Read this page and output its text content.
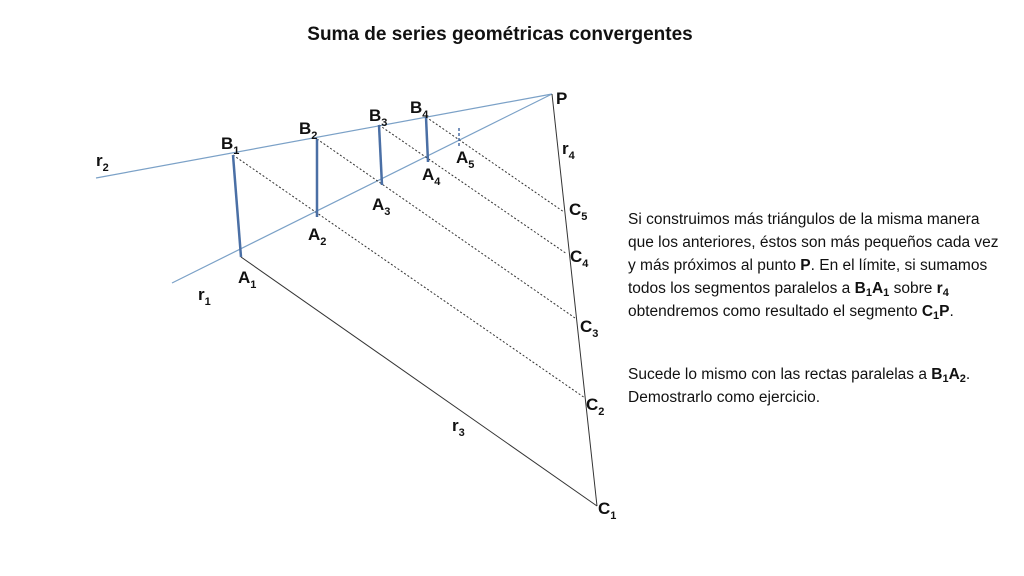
Suma de series geométricas convergentes
P
$B_1$
$B_2$
$B_3$
$B_4$
$A_1$
$A_2$
$A_3$
$A_4$
$A_5$
$C_5$
$C_4$
$C_3$
$C_2$
$C_1$
$r_1$
$r_2$
$r_3$
$r_4$

Si construimos más triángulos de la misma manera que los anteriores, éstos son más pequeños cada vez y más próximos al punto P. En el límite, si sumamos todos los segmentos paralelos a $B_1A_1$ sobre $r_4$ obtendremos como resultado el segmento $C_1P$.

Sucede lo mismo con las rectas paralelas a $B_1A_2$. Demostrarlo como ejercicio.
